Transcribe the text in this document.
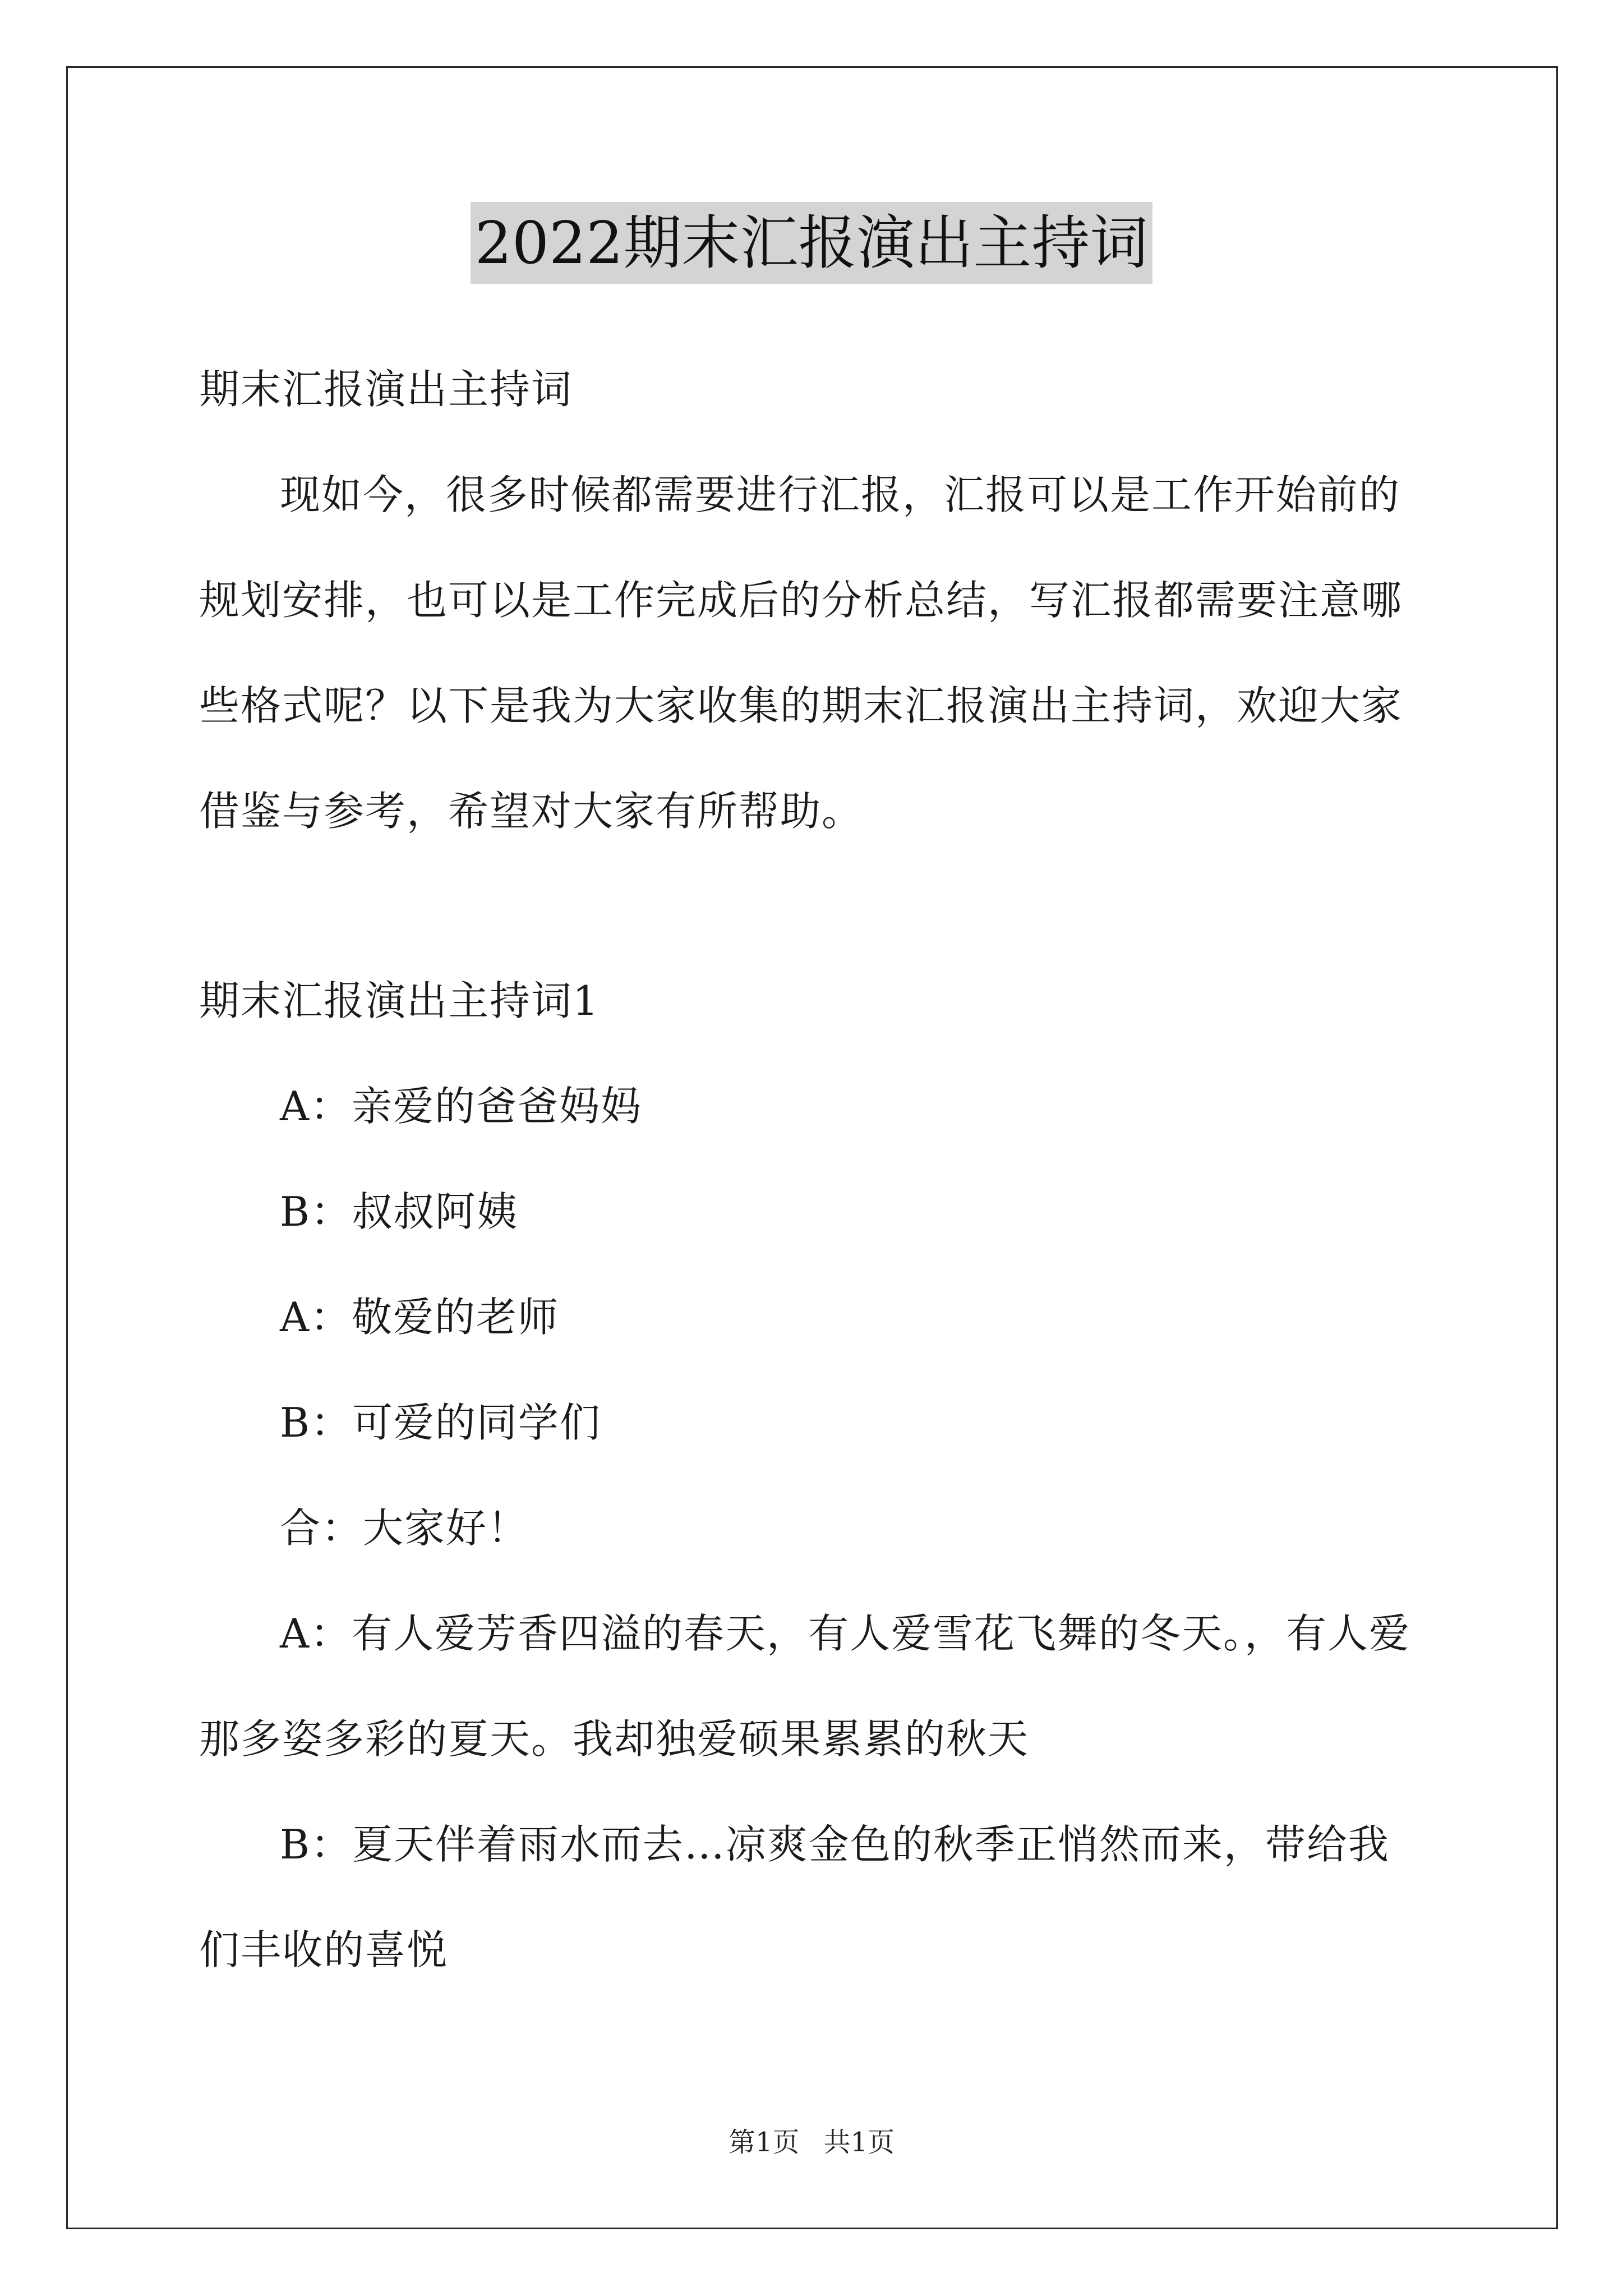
2022期末汇报演出主持词

期末汇报演出主持词

现如今，很多时候都需要进行汇报，汇报可以是工作开始前的规划安排，也可以是工作完成后的分析总结，写汇报都需要注意哪些格式呢？以下是我为大家收集的期末汇报演出主持词，欢迎大家借鉴与参考，希望对大家有所帮助。

期末汇报演出主持词1

A：亲爱的爸爸妈妈

B：叔叔阿姨

A：敬爱的老师

B：可爱的同学们

合：大家好！

A：有人爱芳香四溢的春天，有人爱雪花飞舞的冬天。，有人爱那多姿多彩的夏天。我却独爱硕果累累的秋天

B：夏天伴着雨水而去…凉爽金色的秋季正悄然而来，带给我们丰收的喜悦

第1页 共1页
